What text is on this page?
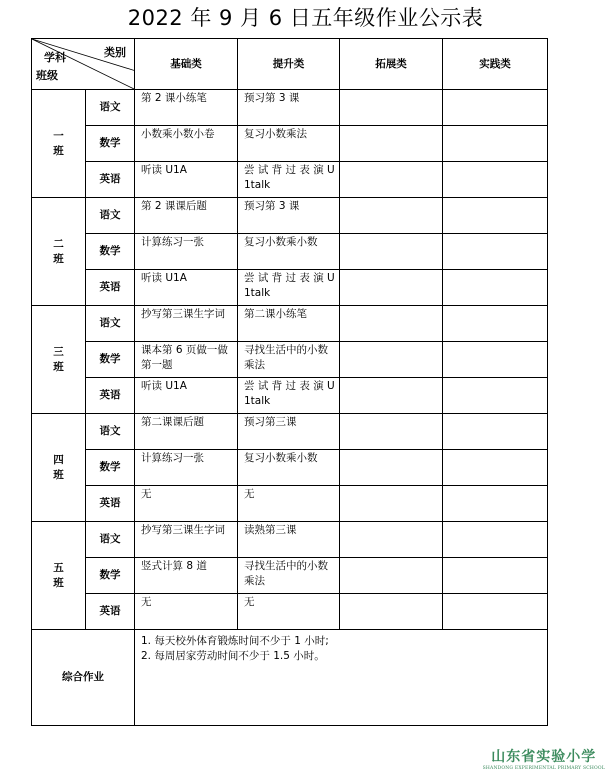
2022 年 9 月 6 日五年级作业公示表
类别
学科
班级		基础类	提升类	拓展类	实践类

一班	语文	第 2 课小练笔	预习第 3 课		
	数学	小数乘小数小卷	复习小数乘法		
	英语	听读 U1A	尝 试 背 过 表 演 U1talk		

二班	语文	第 2 课课后题	预习第 3 课		
	数学	计算练习一张	复习小数乘小数		
	英语	听读 U1A	尝 试 背 过 表 演 U1talk		

三班	语文	抄写第三课生字词	第二课小练笔		
	数学	课本第 6 页做一做第一题	寻找生活中的小数乘法		
	英语	听读 U1A	尝 试 背 过 表 演 U1talk		

四班	语文	第二课课后题	预习第三课		
	数学	计算练习一张	复习小数乘小数		
	英语	无	无		

五班	语文	抄写第三课生字词	读熟第三课		
	数学	竖式计算 8 道	寻找生活中的小数乘法		
	英语	无	无		
综合作业		1. 每天校外体育锻炼时间不少于 1 小时;

2. 每周居家劳动时间不少于 1.5 小时。			

山东省实验小学
SHANDONG EXPERIMENTAL PRIMARY SCHOOL
